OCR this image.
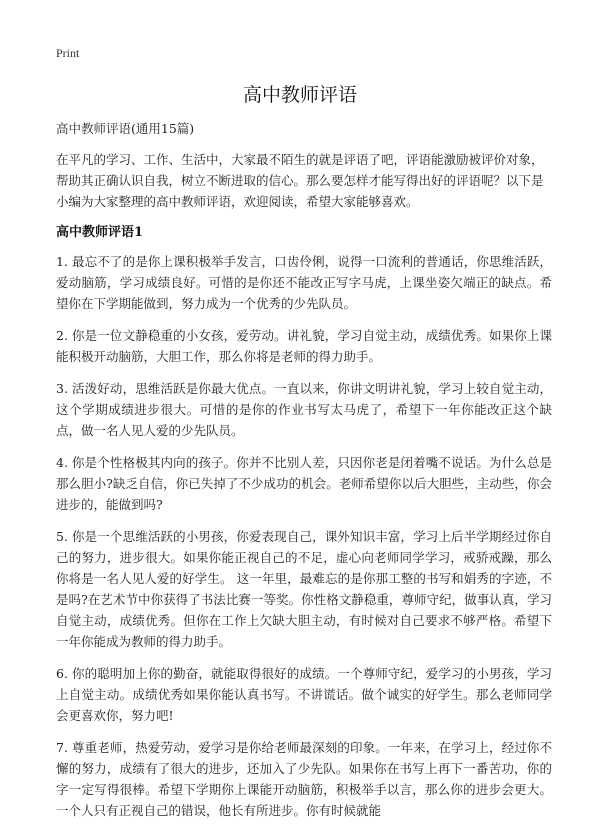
Print
高中教师评语

高中教师评语(通用15篇)

在平凡的学习、工作、生活中，大家最不陌生的就是评语了吧，评语能激励被评价对象，帮助其正确认识自我，树立不断进取的信心。那么要怎样才能写得出好的评语呢？以下是小编为大家整理的高中教师评语，欢迎阅读，希望大家能够喜欢。

高中教师评语1

1. 最忘不了的是你上课积极举手发言，口齿伶俐，说得一口流利的普通话，你思维活跃，爱动脑筋，学习成绩良好。可惜的是你还不能改正写字马虎，上课坐姿欠端正的缺点。希望你在下学期能做到，努力成为一个优秀的少先队员。

2. 你是一位文静稳重的小女孩，爱劳动。讲礼貌，学习自觉主动，成绩优秀。如果你上课能积极开动脑筋，大胆工作，那么你将是老师的得力助手。

3. 活泼好动，思维活跃是你最大优点。一直以来，你讲文明讲礼貌，学习上较自觉主动，这个学期成绩进步很大。可惜的是你的作业书写太马虎了，希望下一年你能改正这个缺 点，做一名人见人爱的少先队员。

4. 你是个性格极其内向的孩子。你并不比别人差，只因你老是闭着嘴不说话。为什么总是那么胆小?缺乏自信，你已失掉了不少成功的机会。老师希望你以后大胆些，主动些，你会进步的，能做到吗?

5. 你是一个思维活跃的小男孩，你爱表现自己，课外知识丰富，学习上后半学期经过你自己的努力，进步很大。如果你能正视自己的不足，虚心向老师同学学习，戒骄戒躁，那么你将是一名人见人爱的好学生。 这一年里，最难忘的是你那工整的书写和娟秀的字迹，不是吗?在艺术节中你获得了书法比赛一等奖。你性格文静稳重，尊师守纪，做事认真，学习自觉主动，成绩优秀。但你在工作上欠缺大胆主动，有时候对自己要求不够严格。希望下一年你能成为教师的得力助手。

6. 你的聪明加上你的勤奋，就能取得很好的成绩。一个尊师守纪，爱学习的小男孩，学习上自觉主动。成绩优秀如果你能认真书写。不讲谎话。做个诚实的好学生。那么老师同学会更喜欢你，努力吧!

7. 尊重老师，热爱劳动，爱学习是你给老师最深刻的印象。一年来，在学习上，经过你不懈的努力，成绩有了很大的进步，还加入了少先队。如果你在书写上再下一番苦功，你的字一定写得很棒。希望下学期你上课能开动脑筋，积极举手以言，那么你的进步会更大。 一个人只有正视自己的错误，他长有所进步。你有时候就能
